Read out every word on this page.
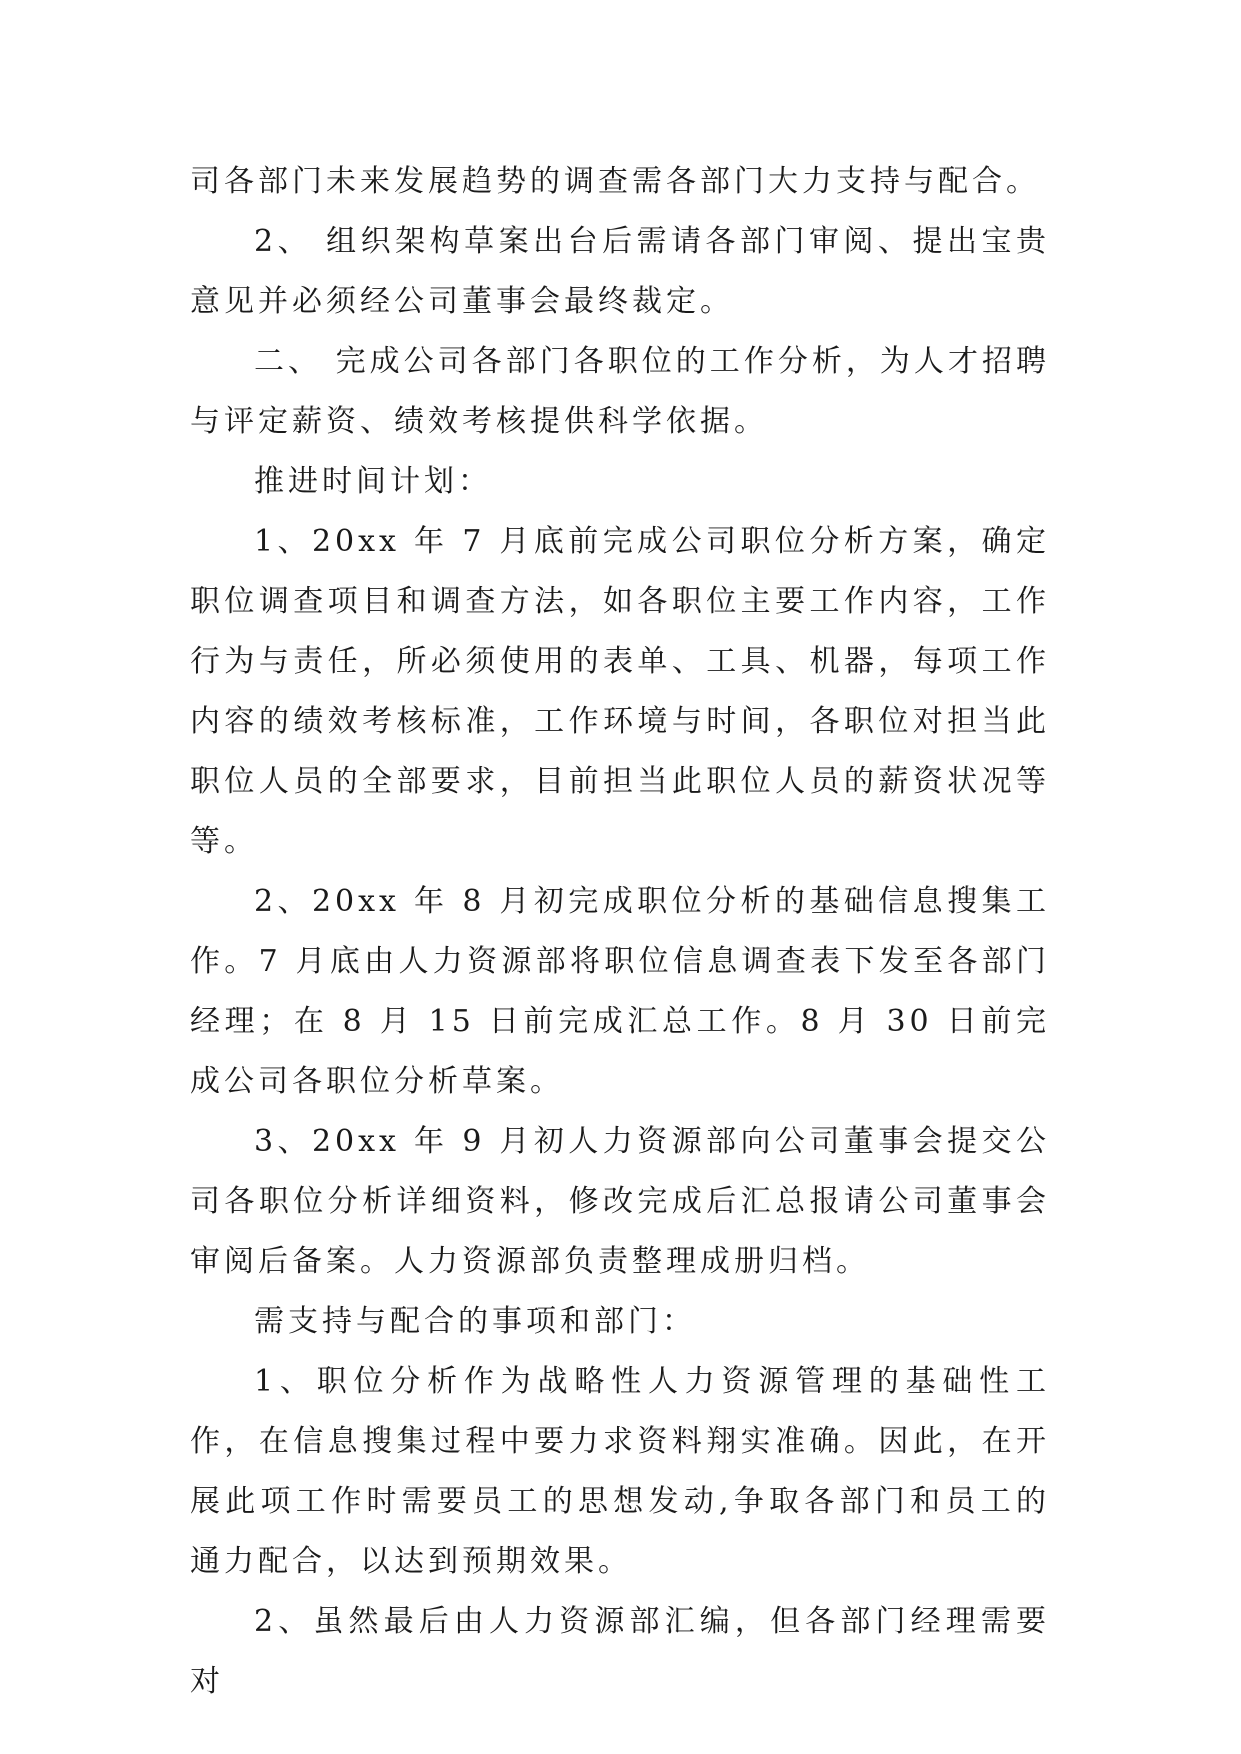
司各部门未来发展趋势的调查需各部门大力支持与配合。

2、 组织架构草案出台后需请各部门审阅、提出宝贵意见并必须经公司董事会最终裁定。

二、 完成公司各部门各职位的工作分析，为人才招聘与评定薪资、绩效考核提供科学依据。

推进时间计划：

1、20xx 年 7 月底前完成公司职位分析方案，确定职位调查项目和调查方法，如各职位主要工作内容，工作行为与责任，所必须使用的表单、工具、机器，每项工作内容的绩效考核标准，工作环境与时间，各职位对担当此职位人员的全部要求，目前担当此职位人员的薪资状况等等。

2、20xx 年 8 月初完成职位分析的基础信息搜集工作。7 月底由人力资源部将职位信息调查表下发至各部门经理；在 8 月 15 日前完成汇总工作。8 月 30 日前完成公司各职位分析草案。

3、20xx 年 9 月初人力资源部向公司董事会提交公司各职位分析详细资料，修改完成后汇总报请公司董事会审阅后备案。人力资源部负责整理成册归档。

需支持与配合的事项和部门：

1、职位分析作为战略性人力资源管理的基础性工作，在信息搜集过程中要力求资料翔实准确。因此，在开展此项工作时需要员工的思想发动,争取各部门和员工的通力配合，以达到预期效果。

2、虽然最后由人力资源部汇编，但各部门经理需要对
